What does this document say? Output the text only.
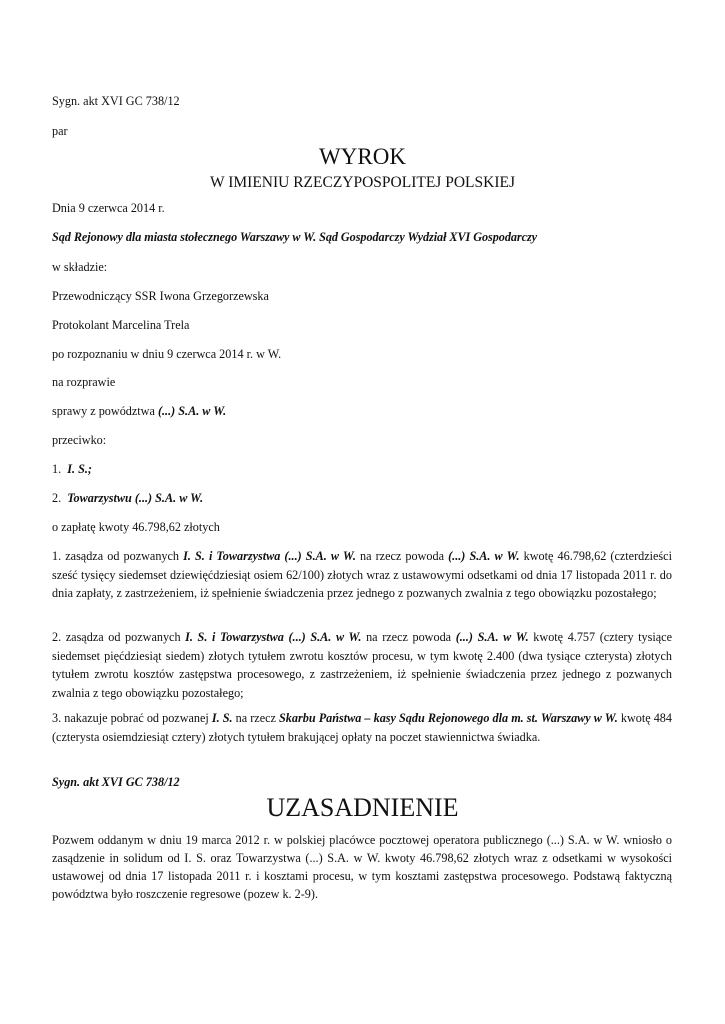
Sygn. akt XVI GC 738/12
par
WYROK
W IMIENIU RZECZYPOSPOLITEJ POLSKIEJ
Dnia 9 czerwca 2014 r.
Sąd Rejonowy dla miasta stołecznego Warszawy w W. Sąd Gospodarczy Wydział XVI Gospodarczy
w składzie:
Przewodniczący SSR Iwona Grzegorzewska
Protokolant Marcelina Trela
po rozpoznaniu w dniu 9 czerwca 2014 r. w W.
na rozprawie
sprawy z powództwa (...) S.A. w W.
przeciwko:
1. I. S.;
2. Towarzystwu (...) S.A. w W.
o zapłatę kwoty 46.798,62 złotych
1. zasądza od pozwanych I. S. i Towarzystwa (...) S.A. w W. na rzecz powoda (...) S.A. w W. kwotę 46.798,62 (czterdzieści sześć tysięcy siedemset dziewięćdziesiąt osiem 62/100) złotych wraz z ustawowymi odsetkami od dnia 17 listopada 2011 r. do dnia zapłaty, z zastrzeżeniem, iż spełnienie świadczenia przez jednego z pozwanych zwalnia z tego obowiązku pozostałego;
2. zasądza od pozwanych I. S. i Towarzystwa (...) S.A. w W. na rzecz powoda (...) S.A. w W. kwotę 4.757 (cztery tysiące siedemset pięćdziesiąt siedem) złotych tytułem zwrotu kosztów procesu, w tym kwotę 2.400 (dwa tysiące czterysta) złotych tytułem zwrotu kosztów zastępstwa procesowego, z zastrzeżeniem, iż spełnienie świadczenia przez jednego z pozwanych zwalnia z tego obowiązku pozostałego;
3. nakazuje pobrać od pozwanej I. S. na rzecz Skarbu Państwa – kasy Sądu Rejonowego dla m. st. Warszawy w W. kwotę 484 (czterysta osiemdziesiąt cztery) złotych tytułem brakującej opłaty na poczet stawiennictwa świadka.
Sygn. akt XVI GC 738/12
UZASADNIENIE
Pozwem oddanym w dniu 19 marca 2012 r. w polskiej placówce pocztowej operatora publicznego (...) S.A. w W. wniosło o zasądzenie in solidum od I. S. oraz Towarzystwa (...) S.A. w W. kwoty 46.798,62 złotych wraz z odsetkami w wysokości ustawowej od dnia 17 listopada 2011 r. i kosztami procesu, w tym kosztami zastępstwa procesowego. Podstawą faktyczną powództwa było roszczenie regresowe (pozew k. 2-9).
